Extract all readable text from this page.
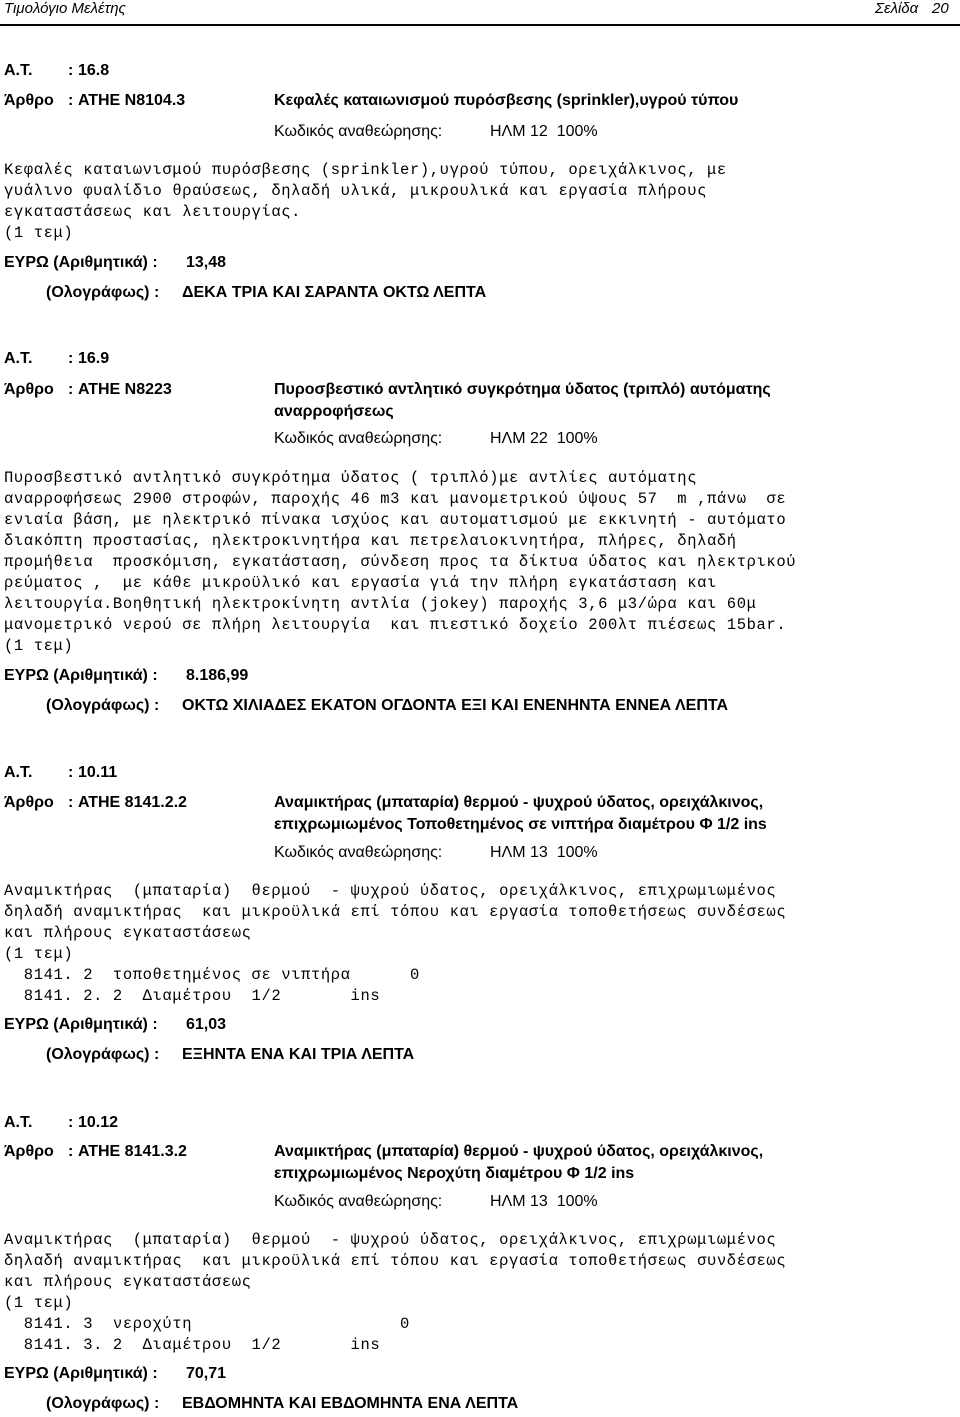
Τιμολόγιο Μελέτης	Σελίδα 20
Α.Τ. : 16.8
Άρθρο : ΑΤΗΕ Ν8104.3	Κεφαλές καταιωνισμού πυρόσβεσης (sprinkler),υγρού τύπου
Κωδικός αναθεώρησης:	ΗΛΜ 12  100%
Κεφαλές καταιωνισμού πυρόσβεσης (sprinkler),υγρού τύπου, ορειχάλκινος, με
γυάλινο φυαλίδιο θραύσεως, δηλαδή υλικά, μικρουλικά και εργασία πλήρους
εγκαταστάσεως και λειτουργίας.
(1 τεμ)
ΕΥΡΩ (Αριθμητικά) : 13,48
(Ολογράφως) : ΔΕΚΑ ΤΡΙΑ ΚΑΙ ΣΑΡΑΝΤΑ ΟΚΤΩ ΛΕΠΤΑ
Α.Τ. : 16.9
Άρθρο : ΑΤΗΕ Ν8223	Πυροσβεστικό αντλητικό συγκρότημα ύδατος (τριπλό) αυτόματης
αναρροφήσεως
Κωδικός αναθεώρησης:	ΗΛΜ 22  100%
Πυροσβεστικό αντλητικό συγκρότημα ύδατος ( τριπλό)με αντλίες αυτόματης
αναρροφήσεως 2900 στροφών, παροχής 46 m3 και μανομετρικού ύψους 57  m ,πάνω  σε
ενιαία βάση, με ηλεκτρικό πίνακα ισχύος και αυτοματισμού με εκκινητή - αυτόματο
διακόπτη προστασίας, ηλεκτροκινητήρα και πετρελαιοκινητήρα, πλήρες, δηλαδή
προμήθεια  προσκόμιση, εγκατάσταση, σύνδεση προς τα δίκτυα ύδατος και ηλεκτρικού
ρεύματος ,  με κάθε μικροϋλικό και εργασία γιά την πλήρη εγκατάσταση και
λειτουργία.Βοηθητική ηλεκτροκίνητη αντλία (jokey) παροχής 3,6 μ3/ώρα και 60μ
μανομετρικό νερού σε πλήρη λειτουργία  και πιεστικό δοχείο 200λτ πιέσεως 15bar.
(1 τεμ)
ΕΥΡΩ (Αριθμητικά) : 8.186,99
(Ολογράφως) : ΟΚΤΩ ΧΙΛΙΑΔΕΣ ΕΚΑΤΟΝ ΟΓΔΟΝΤΑ ΕΞΙ ΚΑΙ ΕΝΕΝΗΝΤΑ ΕΝΝΕΑ ΛΕΠΤΑ
Α.Τ. : 10.11
Άρθρο : ΑΤΗΕ 8141.2.2	Αναμικτήρας (μπαταρία) θερμού - ψυχρού ύδατος, ορειχάλκινος,
επιχρωμιωμένος Τοποθετημένος σε νιπτήρα διαμέτρου Φ 1/2 ins
Κωδικός αναθεώρησης:	ΗΛΜ 13  100%
Αναμικτήρας  (μπαταρία)  θερμού  - ψυχρού ύδατος, ορειχάλκινος, επιχρωμιωμένος
δηλαδή αναμικτήρας  και μικροϋλικά επί τόπου και εργασία τοποθετήσεως συνδέσεως
και πλήρους εγκαταστάσεως
(1 τεμ)
8141. 2  τοποθετημένος σε νιπτήρα      0
8141. 2. 2  Διαμέτρου  1/2       ins
ΕΥΡΩ (Αριθμητικά) : 61,03
(Ολογράφως) : ΕΞΗΝΤΑ ΕΝΑ ΚΑΙ ΤΡΙΑ ΛΕΠΤΑ
Α.Τ. : 10.12
Άρθρο : ΑΤΗΕ 8141.3.2	Αναμικτήρας (μπαταρία) θερμού - ψυχρού ύδατος, ορειχάλκινος,
επιχρωμιωμένος Νεροχύτη διαμέτρου Φ 1/2 ins
Κωδικός αναθεώρησης:	ΗΛΜ 13  100%
Αναμικτήρας  (μπαταρία)  θερμού  - ψυχρού ύδατος, ορειχάλκινος, επιχρωμιωμένος
δηλαδή αναμικτήρας  και μικροϋλικά επί τόπου και εργασία τοποθετήσεως συνδέσεως
και πλήρους εγκαταστάσεως
(1 τεμ)
8141. 3  νεροχύτη                     0
8141. 3. 2  Διαμέτρου  1/2       ins
ΕΥΡΩ (Αριθμητικά) : 70,71
(Ολογράφως) : ΕΒΔΟΜΗΝΤΑ ΚΑΙ ΕΒΔΟΜΗΝΤΑ ΕΝΑ ΛΕΠΤΑ
